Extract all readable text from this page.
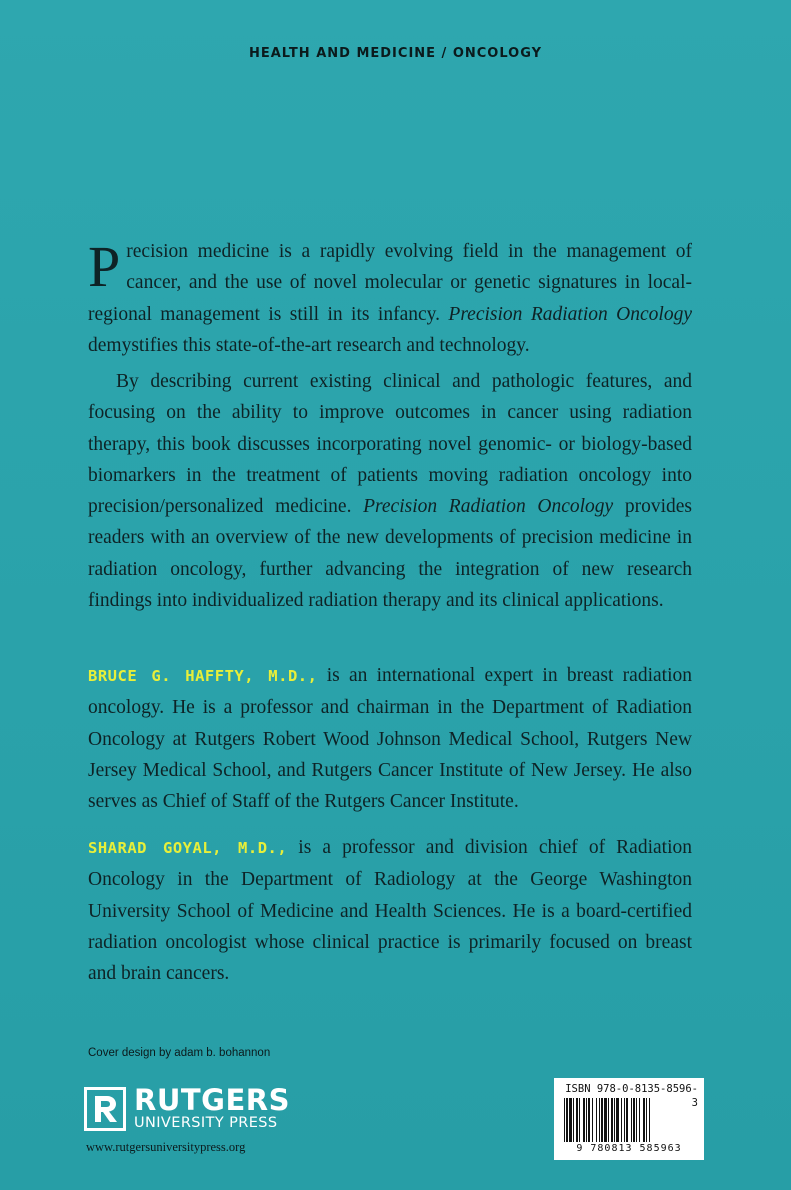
HEALTH AND MEDICINE / ONCOLOGY
Precision medicine is a rapidly evolving field in the management of cancer, and the use of novel molecular or genetic signatures in local-regional management is still in its infancy. Precision Radiation Oncology demystifies this state-of-the-art research and technology.
By describing current existing clinical and pathologic features, and focusing on the ability to improve outcomes in cancer using radiation therapy, this book discusses incorporating novel genomic- or biology-based biomarkers in the treatment of patients moving radiation oncology into precision/personalized medicine. Precision Radiation Oncology provides readers with an overview of the new developments of precision medicine in radiation oncology, further advancing the integration of new research findings into individualized radiation therapy and its clinical applications.
BRUCE G. HAFFTY, M.D., is an international expert in breast radiation oncology. He is a professor and chairman in the Department of Radiation Oncology at Rutgers Robert Wood Johnson Medical School, Rutgers New Jersey Medical School, and Rutgers Cancer Institute of New Jersey. He also serves as Chief of Staff of the Rutgers Cancer Institute.
SHARAD GOYAL, M.D., is a professor and division chief of Radiation Oncology in the Department of Radiology at the George Washington University School of Medicine and Health Sciences. He is a board-certified radiation oncologist whose clinical practice is primarily focused on breast and brain cancers.
Cover design by adam b. bohannon
RUTGERS
UNIVERSITY PRESS
www.rutgersuniversitypress.org
ISBN 978-0-8135-8596-3
9 780813 585963
